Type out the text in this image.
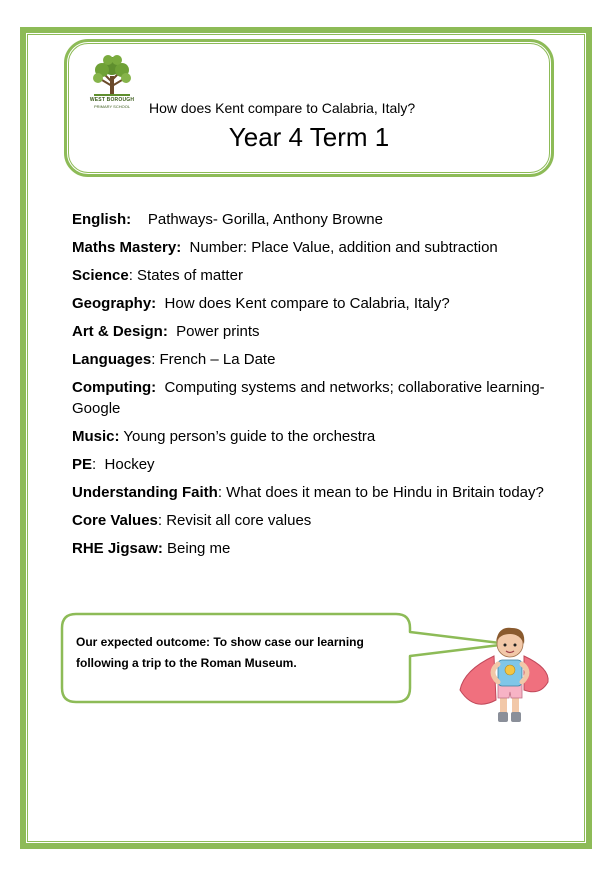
WEST BOROUGH
PRIMARY SCHOOL	How does Kent compare to Calabria, Italy?
Year 4 Term 1

English:    Pathways- Gorilla, Anthony Browne

Maths Mastery:  Number: Place Value, addition and subtraction

Science: States of matter

Geography:  How does Kent compare to Calabria, Italy?

Art & Design:  Power prints

Languages: French – La Date

Computing:  Computing systems and networks; collaborative learning- Google

Music: Young person’s guide to the orchestra

PE:  Hockey

Understanding Faith: What does it mean to be Hindu in Britain today?

Core Values: Revisit all core values

RHE Jigsaw: Being me

Our expected outcome: To show case our learning following a trip to the Roman Museum.
